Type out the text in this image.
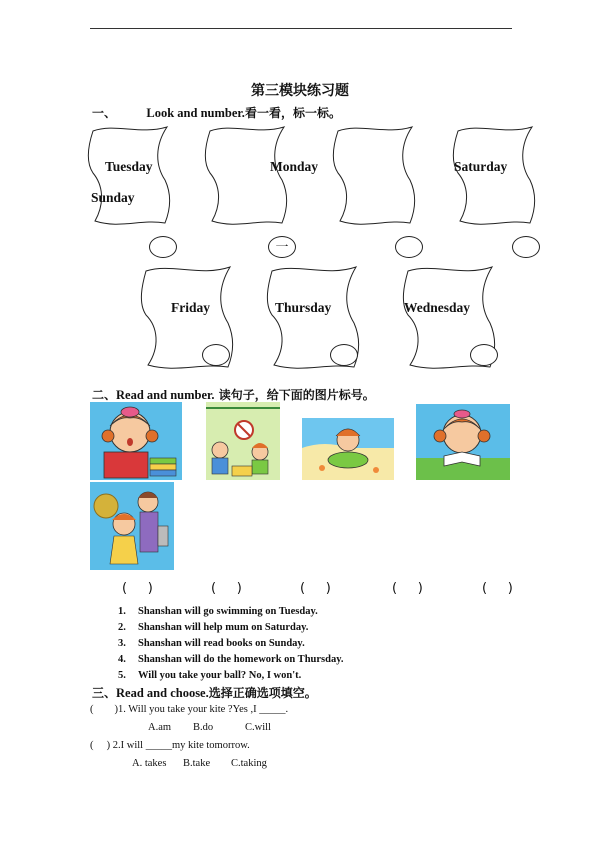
第三模块练习题
一、 Look and number.看一看，标一标。
Tuesday	Monday	Saturday
Sunday
一
Friday	Thursday	Wednesday
二、Read and number. 读句子，给下面的图片标号。
(     )	(     )	(     )	(     )	(     )
1. Shanshan will go swimming on Tuesday.
2. Shanshan will help mum on Saturday.
3. Shanshan will read books on Sunday.
4. Shanshan will do the homework on Thursday.
5. Will you take your ball? No, I won't.
三、Read and choose.选择正确选项填空。
(        )1. Will you take your kite ?Yes ,I _____.
A.am B.do	C.will
(     ) 2.I will _____my kite tomorrow.
A. takes B.take C.taking
